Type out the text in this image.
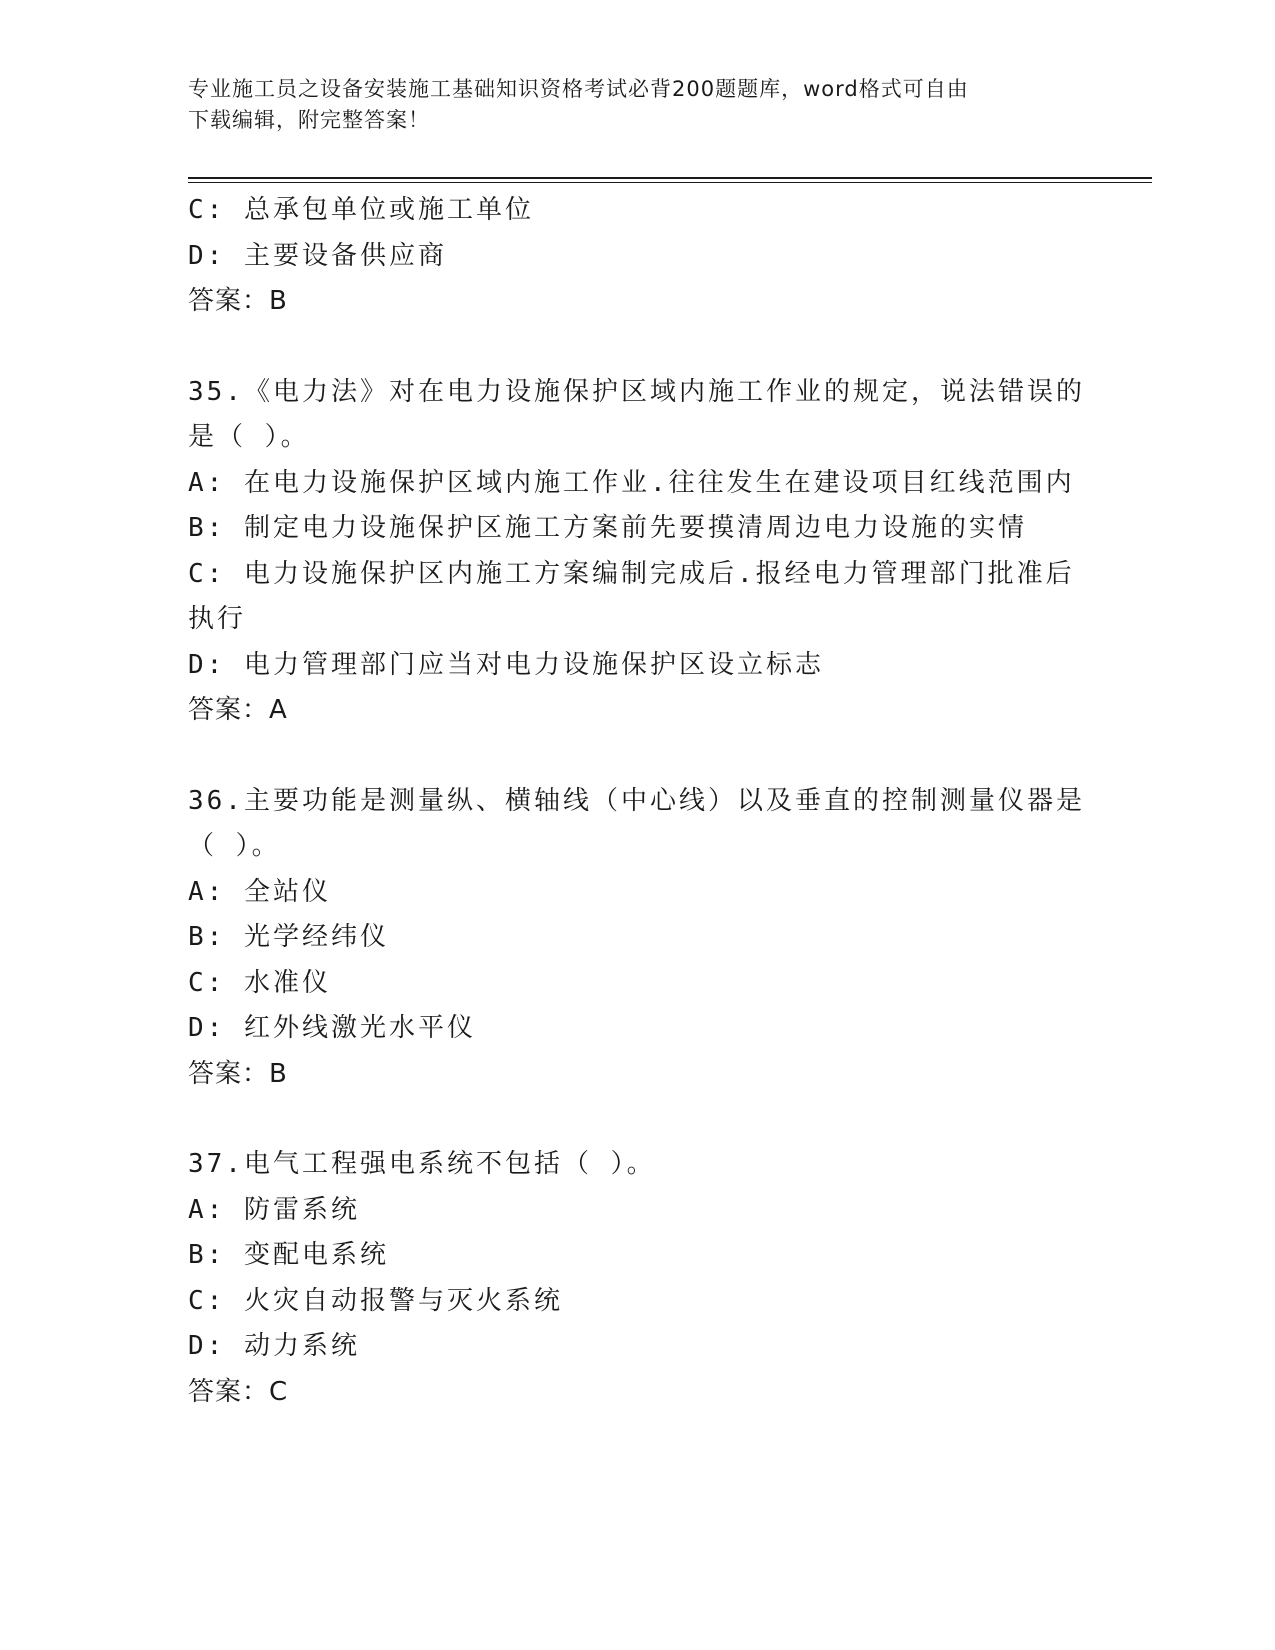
专业施工员之设备安装施工基础知识资格考试必背200题题库，word格式可自由
下载编辑，附完整答案！
C: 总承包单位或施工单位
D: 主要设备供应商
答案：B
35.《电力法》对在电力设施保护区域内施工作业的规定，说法错误的
是（ ）。
A: 在电力设施保护区域内施工作业.往往发生在建设项目红线范围内
B: 制定电力设施保护区施工方案前先要摸清周边电力设施的实情
C: 电力设施保护区内施工方案编制完成后.报经电力管理部门批准后
执行
D: 电力管理部门应当对电力设施保护区设立标志
答案：A
36.主要功能是测量纵、横轴线（中心线）以及垂直的控制测量仪器是
（ ）。
A: 全站仪
B: 光学经纬仪
C: 水准仪
D: 红外线激光水平仪
答案：B
37.电气工程强电系统不包括（ ）。
A: 防雷系统
B: 变配电系统
C: 火灾自动报警与灭火系统
D: 动力系统
答案：C
